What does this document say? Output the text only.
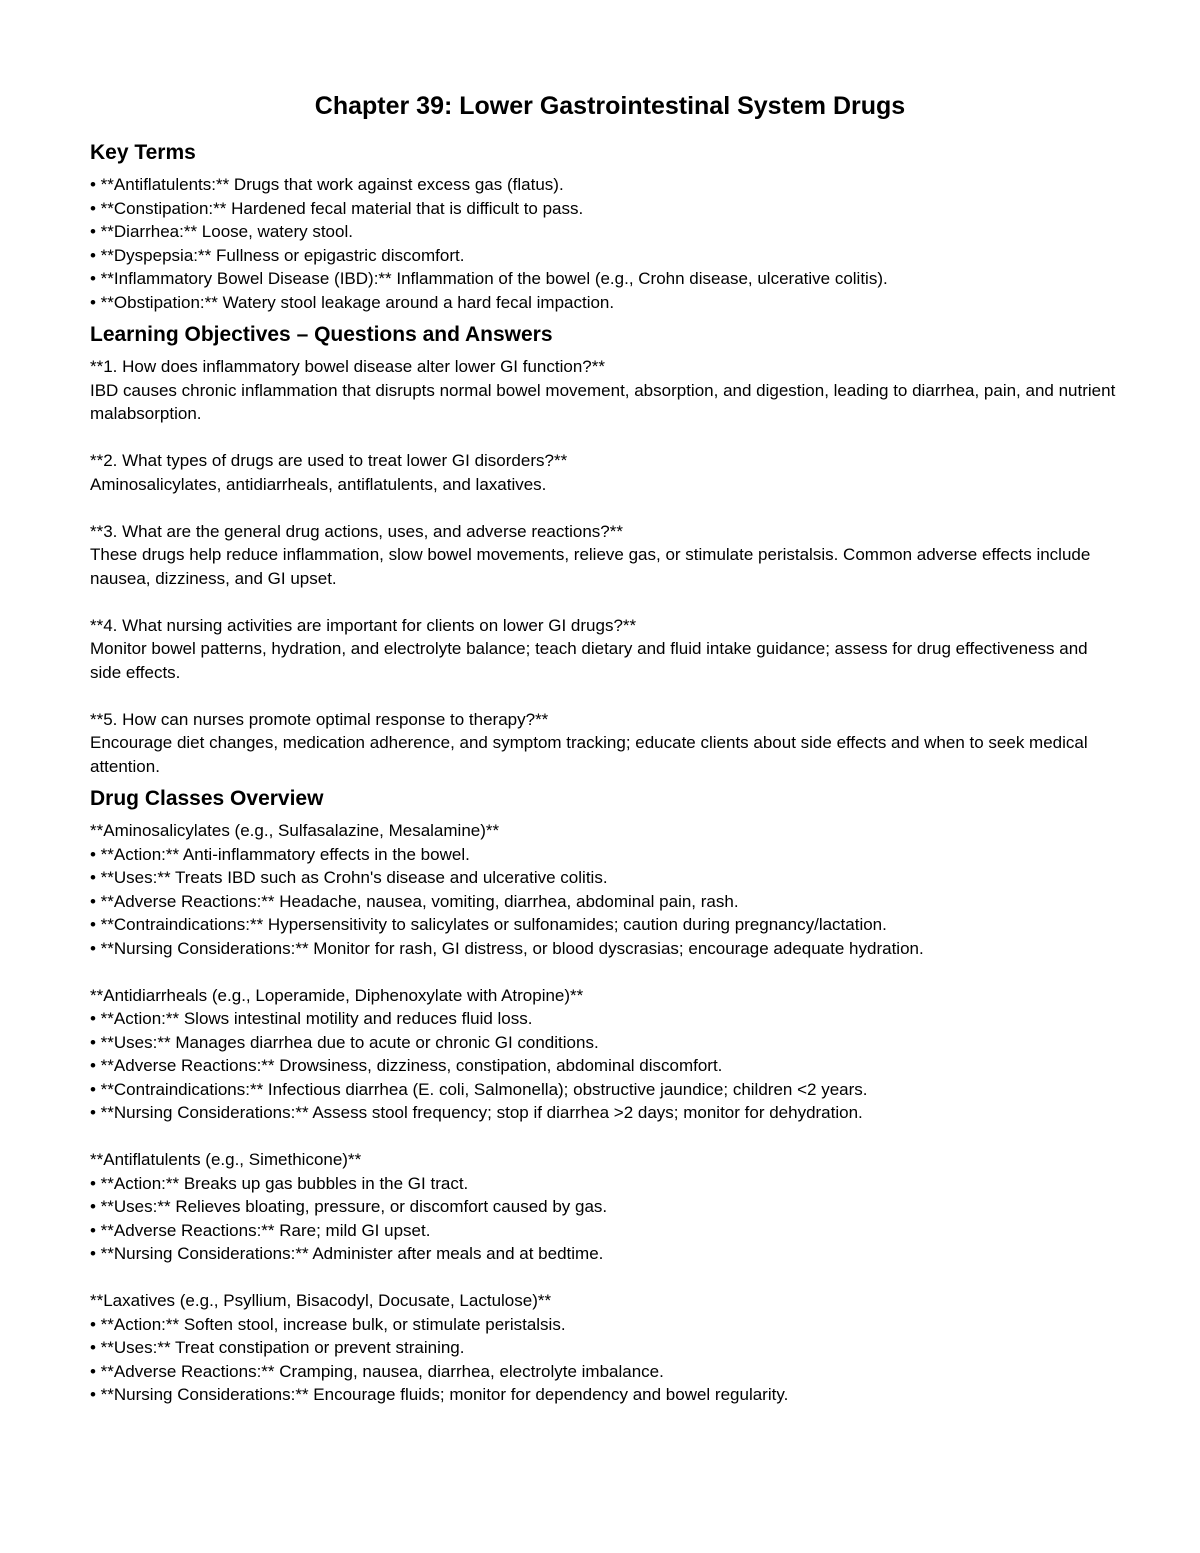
Chapter 39: Lower Gastrointestinal System Drugs
Key Terms
• **Antiflatulents:** Drugs that work against excess gas (flatus).
• **Constipation:** Hardened fecal material that is difficult to pass.
• **Diarrhea:** Loose, watery stool.
• **Dyspepsia:** Fullness or epigastric discomfort.
• **Inflammatory Bowel Disease (IBD):** Inflammation of the bowel (e.g., Crohn disease, ulcerative colitis).
• **Obstipation:** Watery stool leakage around a hard fecal impaction.
Learning Objectives – Questions and Answers
**1. How does inflammatory bowel disease alter lower GI function?**
IBD causes chronic inflammation that disrupts normal bowel movement, absorption, and digestion, leading to diarrhea, pain, and nutrient malabsorption.
**2. What types of drugs are used to treat lower GI disorders?**
Aminosalicylates, antidiarrheals, antiflatulents, and laxatives.
**3. What are the general drug actions, uses, and adverse reactions?**
These drugs help reduce inflammation, slow bowel movements, relieve gas, or stimulate peristalsis. Common adverse effects include nausea, dizziness, and GI upset.
**4. What nursing activities are important for clients on lower GI drugs?**
Monitor bowel patterns, hydration, and electrolyte balance; teach dietary and fluid intake guidance; assess for drug effectiveness and side effects.
**5. How can nurses promote optimal response to therapy?**
Encourage diet changes, medication adherence, and symptom tracking; educate clients about side effects and when to seek medical attention.
Drug Classes Overview
**Aminosalicylates (e.g., Sulfasalazine, Mesalamine)**
• **Action:** Anti-inflammatory effects in the bowel.
• **Uses:** Treats IBD such as Crohn's disease and ulcerative colitis.
• **Adverse Reactions:** Headache, nausea, vomiting, diarrhea, abdominal pain, rash.
• **Contraindications:** Hypersensitivity to salicylates or sulfonamides; caution during pregnancy/lactation.
• **Nursing Considerations:** Monitor for rash, GI distress, or blood dyscrasias; encourage adequate hydration.
**Antidiarrheals (e.g., Loperamide, Diphenoxylate with Atropine)**
• **Action:** Slows intestinal motility and reduces fluid loss.
• **Uses:** Manages diarrhea due to acute or chronic GI conditions.
• **Adverse Reactions:** Drowsiness, dizziness, constipation, abdominal discomfort.
• **Contraindications:** Infectious diarrhea (E. coli, Salmonella); obstructive jaundice; children <2 years.
• **Nursing Considerations:** Assess stool frequency; stop if diarrhea >2 days; monitor for dehydration.
**Antiflatulents (e.g., Simethicone)**
• **Action:** Breaks up gas bubbles in the GI tract.
• **Uses:** Relieves bloating, pressure, or discomfort caused by gas.
• **Adverse Reactions:** Rare; mild GI upset.
• **Nursing Considerations:** Administer after meals and at bedtime.
**Laxatives (e.g., Psyllium, Bisacodyl, Docusate, Lactulose)**
• **Action:** Soften stool, increase bulk, or stimulate peristalsis.
• **Uses:** Treat constipation or prevent straining.
• **Adverse Reactions:** Cramping, nausea, diarrhea, electrolyte imbalance.
• **Nursing Considerations:** Encourage fluids; monitor for dependency and bowel regularity.
